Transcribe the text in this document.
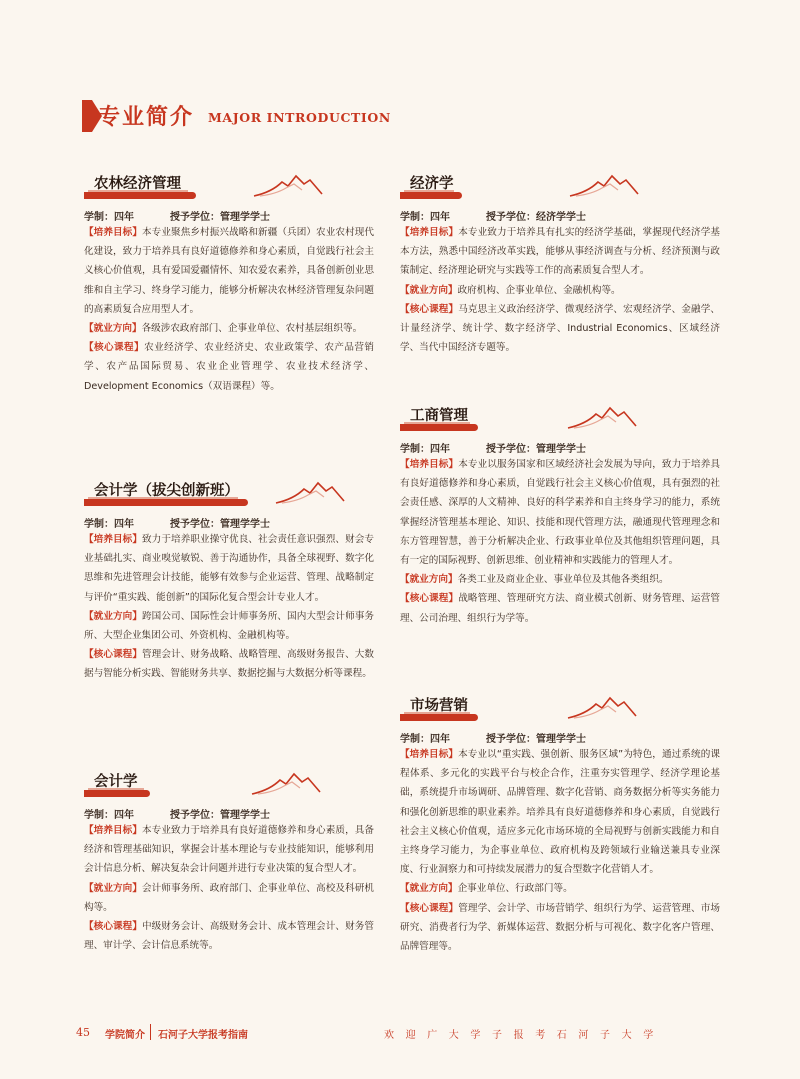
专业简介 MAJOR INTRODUCTION
农林经济管理
学制：四年	授予学位：管理学学士

【培养目标】本专业聚焦乡村振兴战略和新疆（兵团）农业农村现代化建设，致力于培养具有良好道德修养和身心素质，自觉践行社会主义核心价值观，具有爱国爱疆情怀、知农爱农素养，具备创新创业思维和自主学习、终身学习能力，能够分析解决农林经济管理复杂问题的高素质复合应用型人才。

【就业方向】各级涉农政府部门、企事业单位、农村基层组织等。

【核心课程】农业经济学、农业经济史、农业政策学、农产品营销学、农产品国际贸易、农业企业管理学、农业技术经济学、Development Economics（双语课程）等。

会计学（拔尖创新班）
学制：四年	授予学位：管理学学士

【培养目标】致力于培养职业操守优良、社会责任意识强烈、财会专业基础扎实、商业嗅觉敏锐、善于沟通协作，具备全球视野、数字化思维和先进管理会计技能，能够有效参与企业运营、管理、战略制定与评价“重实践、能创新”的国际化复合型会计专业人才。

【就业方向】跨国公司、国际性会计师事务所、国内大型会计师事务所、大型企业集团公司、外资机构、金融机构等。

【核心课程】管理会计、财务战略、战略管理、高级财务报告、大数据与智能分析实践、智能财务共享、数据挖掘与大数据分析等课程。

会计学
学制：四年	授予学位：管理学学士

【培养目标】本专业致力于培养具有良好道德修养和身心素质，具备经济和管理基础知识，掌握会计基本理论与专业技能知识，能够利用会计信息分析、解决复杂会计问题并进行专业决策的复合型人才。

【就业方向】会计师事务所、政府部门、企事业单位、高校及科研机构等。

【核心课程】中级财务会计、高级财务会计、成本管理会计、财务管理、审计学、会计信息系统等。

经济学
学制：四年	授予学位：经济学学士

【培养目标】本专业致力于培养具有扎实的经济学基础，掌握现代经济学基本方法，熟悉中国经济改革实践，能够从事经济调查与分析、经济预测与政策制定、经济理论研究与实践等工作的高素质复合型人才。

【就业方向】政府机构、企事业单位、金融机构等。

【核心课程】马克思主义政治经济学、微观经济学、宏观经济学、金融学、计量经济学、统计学、数字经济学、Industrial Economics、区域经济学、当代中国经济专题等。

工商管理
学制：四年	授予学位：管理学学士

【培养目标】本专业以服务国家和区域经济社会发展为导向，致力于培养具有良好道德修养和身心素质，自觉践行社会主义核心价值观，具有强烈的社会责任感、深厚的人文精神、良好的科学素养和自主终身学习的能力，系统掌握经济管理基本理论、知识、技能和现代管理方法，融通现代管理理念和东方管理智慧，善于分析解决企业、行政事业单位及其他组织管理问题，具有一定的国际视野、创新思维、创业精神和实践能力的管理人才。

【就业方向】各类工业及商业企业、事业单位及其他各类组织。

【核心课程】战略管理、管理研究方法、商业模式创新、财务管理、运营管理、公司治理、组织行为学等。

市场营销
学制：四年	授予学位：管理学学士

【培养目标】本专业以“重实践、强创新、服务区域”为特色，通过系统的课程体系、多元化的实践平台与校企合作，注重夯实管理学、经济学理论基础，系统提升市场调研、品牌管理、数字化营销、商务数据分析等实务能力和强化创新思维的职业素养。培养具有良好道德修养和身心素质，自觉践行社会主义核心价值观，适应多元化市场环境的全局视野与创新实践能力和自主终身学习能力，为企事业单位、政府机构及跨领域行业输送兼具专业深度、行业洞察力和可持续发展潜力的复合型数字化营销人才。

【就业方向】企事业单位、行政部门等。

【核心课程】管理学、会计学、市场营销学、组织行为学、运营管理、市场研究、消费者行为学、新媒体运营、数据分析与可视化、数字化客户管理、品牌管理等。

45 学院简介 石河子大学报考指南	欢迎广大学子报考石河子大学
